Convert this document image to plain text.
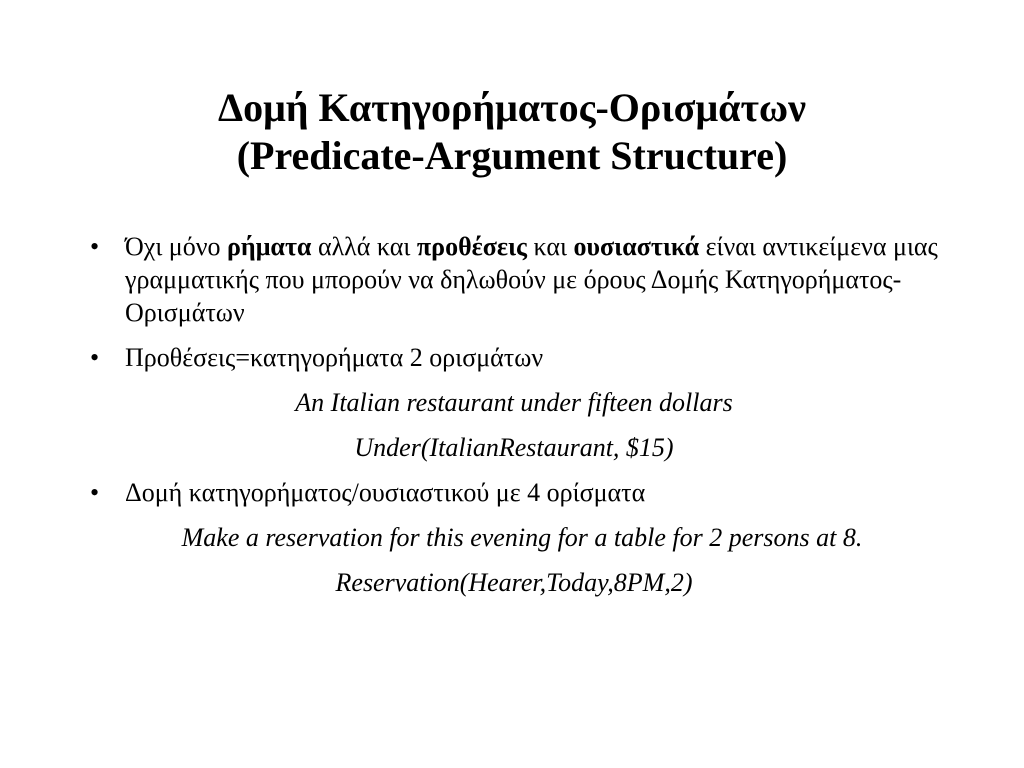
Δομή Κατηγορήματος-Ορισμάτων
(Predicate-Argument Structure)
• Όχι μόνο ρήματα αλλά και προθέσεις και ουσιαστικά είναι αντικείμενα μιας γραμματικής που μπορούν να δηλωθούν με όρους Δομής Κατηγορήματος-Ορισμάτων
• Προθέσεις=κατηγορήματα 2 ορισμάτων
An Italian restaurant under fifteen dollars
Under(ItalianRestaurant, $15)
• Δομή κατηγορήματος/ουσιαστικού με 4 ορίσματα
Make a reservation for this evening for a table for 2 persons at 8.
Reservation(Hearer,Today,8PM,2)
